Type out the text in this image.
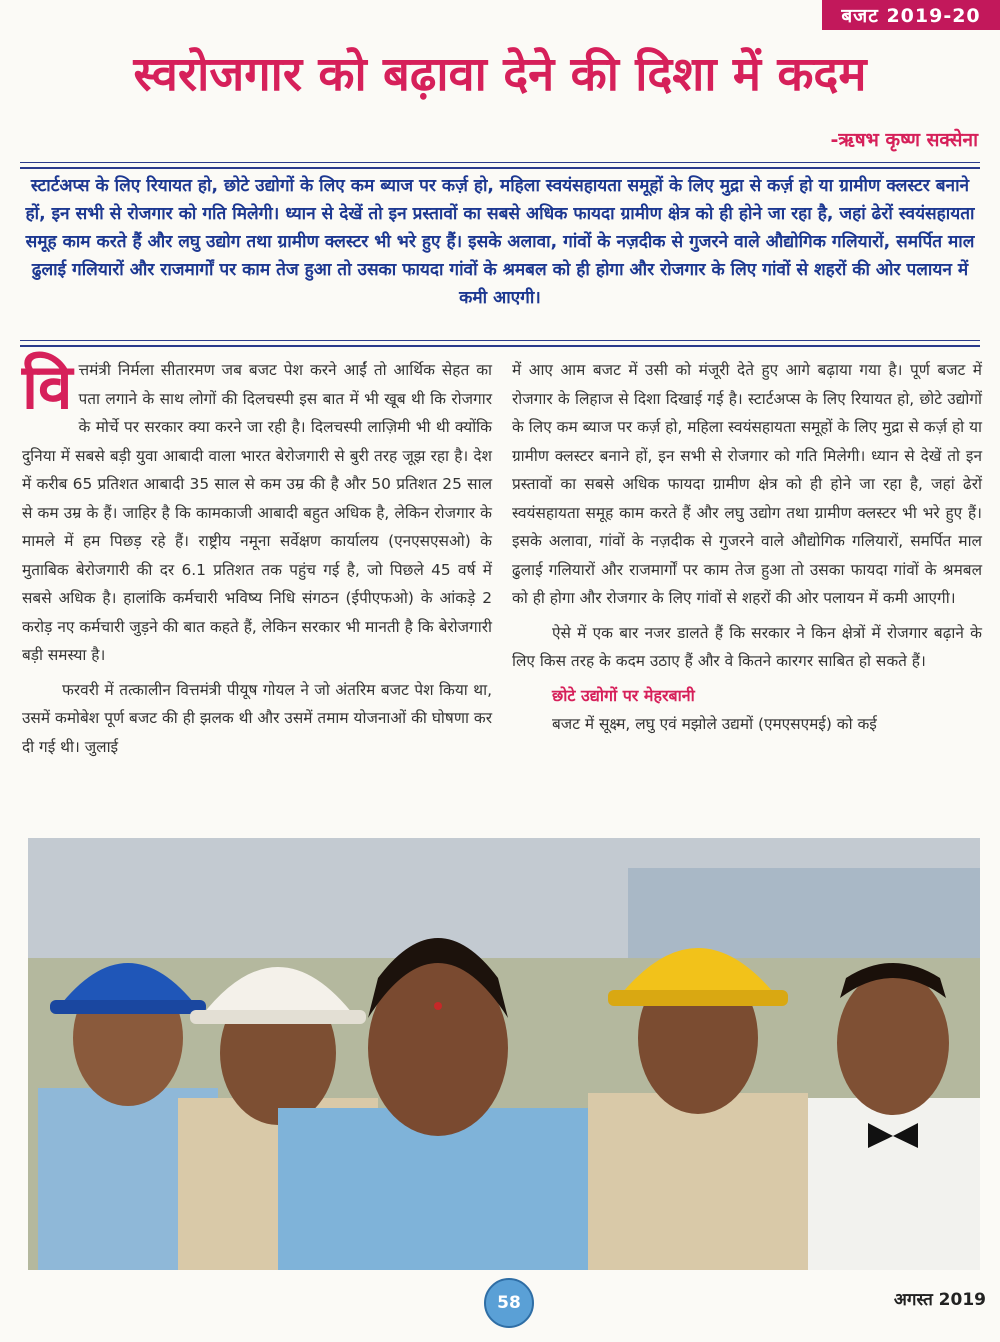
बजट 2019-20
स्वरोजगार को बढ़ावा देने की दिशा में कदम
-ऋषभ कृष्ण सक्सेना

स्टार्टअप्स के लिए रियायत हो, छोटे उद्योगों के लिए कम ब्याज पर कर्ज़ हो, महिला स्वयंसहायता समूहों के लिए मुद्रा से कर्ज़ हो या ग्रामीण क्लस्टर बनाने हों, इन सभी से रोजगार को गति मिलेगी। ध्यान से देखें तो इन प्रस्तावों का सबसे अधिक फायदा ग्रामीण क्षेत्र को ही होने जा रहा है, जहां ढेरों स्वयंसहायता समूह काम करते हैं और लघु उद्योग तथा ग्रामीण क्लस्टर भी भरे हुए हैं। इसके अलावा, गांवों के नज़दीक से गुजरने वाले औद्योगिक गलियारों, समर्पित माल ढुलाई गलियारों और राजमार्गों पर काम तेज हुआ तो उसका फायदा गांवों के श्रमबल को ही होगा और रोजगार के लिए गांवों से शहरों की ओर पलायन में कमी आएगी।

वित्तमंत्री निर्मला सीतारमण जब बजट पेश करने आईं तो आर्थिक सेहत का पता लगाने के साथ लोगों की दिलचस्पी इस बात में भी खूब थी कि रोजगार के मोर्चे पर सरकार क्या करने जा रही है। दिलचस्पी लाज़िमी भी थी क्योंकि दुनिया में सबसे बड़ी युवा आबादी वाला भारत बेरोजगारी से बुरी तरह जूझ रहा है। देश में करीब 65 प्रतिशत आबादी 35 साल से कम उम्र की है और 50 प्रतिशत 25 साल से कम उम्र के हैं। जाहिर है कि कामकाजी आबादी बहुत अधिक है, लेकिन रोजगार के मामले में हम पिछड़ रहे हैं। राष्ट्रीय नमूना सर्वेक्षण कार्यालय (एनएसएसओ) के मुताबिक बेरोजगारी की दर 6.1 प्रतिशत तक पहुंच गई है, जो पिछले 45 वर्ष में सबसे अधिक है। हालांकि कर्मचारी भविष्य निधि संगठन (ईपीएफओ) के आंकड़े 2 करोड़ नए कर्मचारी जुड़ने की बात कहते हैं, लेकिन सरकार भी मानती है कि बेरोजगारी बड़ी समस्या है।

फरवरी में तत्कालीन वित्तमंत्री पीयूष गोयल ने जो अंतरिम बजट पेश किया था, उसमें कमोबेश पूर्ण बजट की ही झलक थी और उसमें तमाम योजनाओं की घोषणा कर दी गई थी। जुलाई

में आए आम बजट में उसी को मंजूरी देते हुए आगे बढ़ाया गया है। पूर्ण बजट में रोजगार के लिहाज से दिशा दिखाई गई है। स्टार्टअप्स के लिए रियायत हो, छोटे उद्योगों के लिए कम ब्याज पर कर्ज़ हो, महिला स्वयंसहायता समूहों के लिए मुद्रा से कर्ज़ हो या ग्रामीण क्लस्टर बनाने हों, इन सभी से रोजगार को गति मिलेगी। ध्यान से देखें तो इन प्रस्तावों का सबसे अधिक फायदा ग्रामीण क्षेत्र को ही होने जा रहा है, जहां ढेरों स्वयंसहायता समूह काम करते हैं और लघु उद्योग तथा ग्रामीण क्लस्टर भी भरे हुए हैं। इसके अलावा, गांवों के नज़दीक से गुजरने वाले औद्योगिक गलियारों, समर्पित माल ढुलाई गलियारों और राजमार्गों पर काम तेज हुआ तो उसका फायदा गांवों के श्रमबल को ही होगा और रोजगार के लिए गांवों से शहरों की ओर पलायन में कमी आएगी।

ऐसे में एक बार नजर डालते हैं कि सरकार ने किन क्षेत्रों में रोजगार बढ़ाने के लिए किस तरह के कदम उठाए हैं और वे कितने कारगर साबित हो सकते हैं।

छोटे उद्योगों पर मेहरबानी

बजट में सूक्ष्म, लघु एवं मझोले उद्यमों (एमएसएमई) को कई

अगस्त 2019
58
